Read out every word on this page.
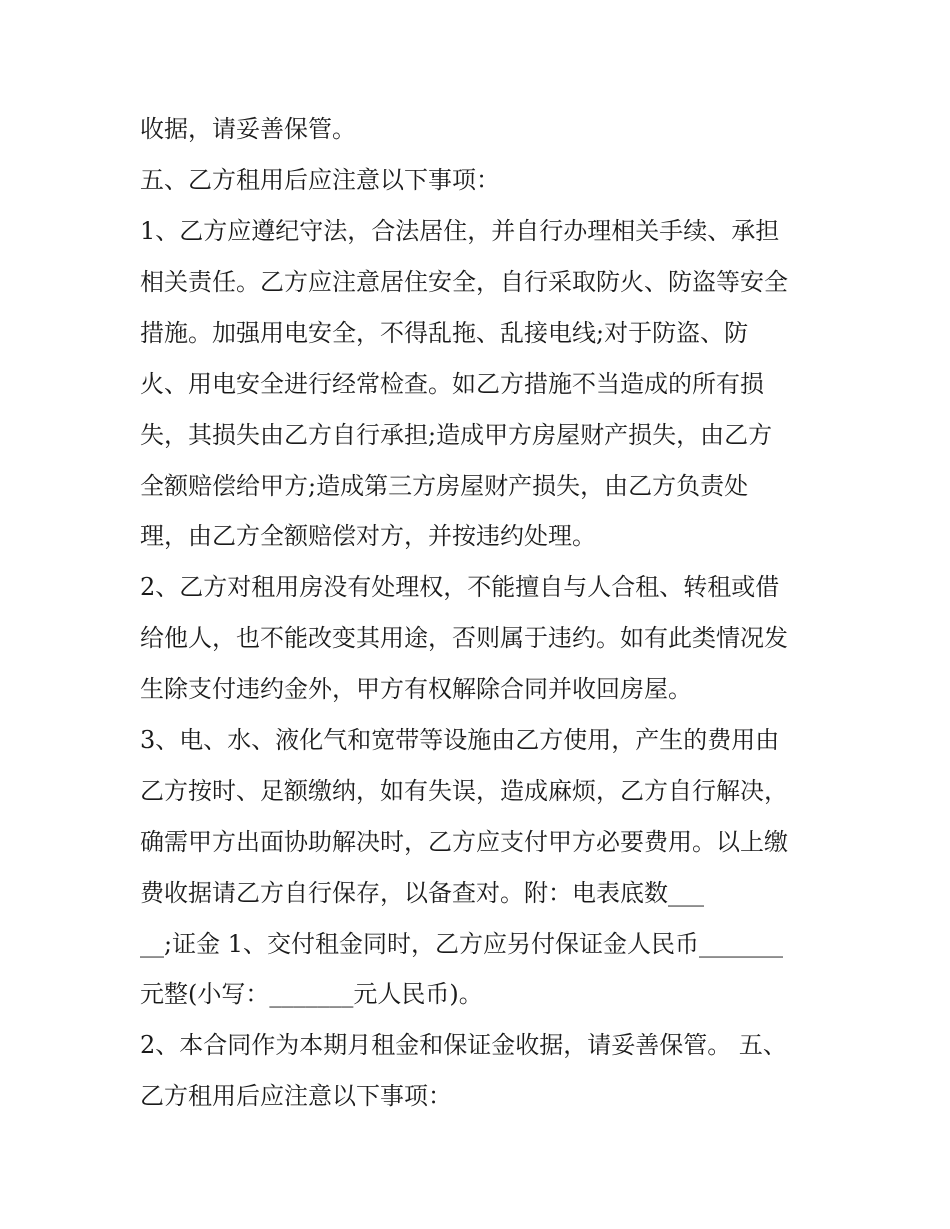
收据，请妥善保管。
五、乙方租用后应注意以下事项：
1、乙方应遵纪守法，合法居住，并自行办理相关手续、承担
相关责任。乙方应注意居住安全，自行采取防火、防盗等安全
措施。加强用电安全，不得乱拖、乱接电线;对于防盗、防
火、用电安全进行经常检查。如乙方措施不当造成的所有损
失，其损失由乙方自行承担;造成甲方房屋财产损失，由乙方
全额赔偿给甲方;造成第三方房屋财产损失，由乙方负责处
理，由乙方全额赔偿对方，并按违约处理。
2、乙方对租用房没有处理权，不能擅自与人合租、转租或借
给他人，也不能改变其用途，否则属于违约。如有此类情况发
生除支付违约金外，甲方有权解除合同并收回房屋。
3、电、水、液化气和宽带等设施由乙方使用，产生的费用由
乙方按时、足额缴纳，如有失误，造成麻烦，乙方自行解决，
确需甲方出面协助解决时，乙方应支付甲方必要费用。以上缴
费收据请乙方自行保存，以备查对。附：电表底数___
__;证金 1、交付租金同时，乙方应另付保证金人民币_______
元整(小写：_______元人民币)。
2、本合同作为本期月租金和保证金收据，请妥善保管。 五、
乙方租用后应注意以下事项：
